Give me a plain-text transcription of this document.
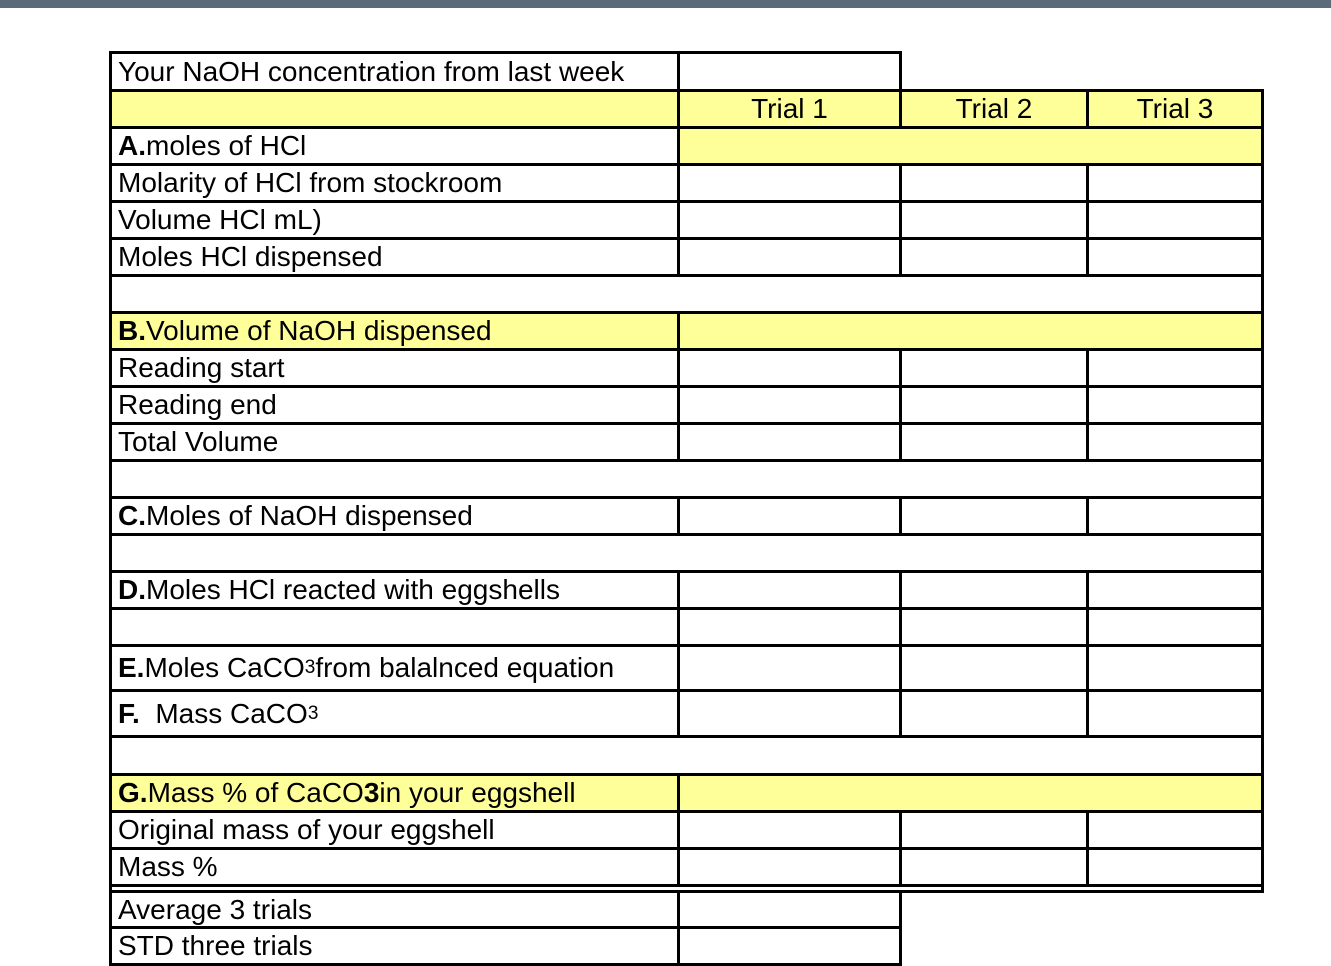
Your NaOH concentration from last week
Trial 1	Trial 2	Trial 3
A. moles of HCl
Molarity of HCl from stockroom
Volume HCl mL)
Moles HCl dispensed
B. Volume of NaOH dispensed
Reading start
Reading end
Total Volume
C. Moles of NaOH dispensed
D. Moles HCl reacted with eggshells
E. Moles CaCO 3 from balalnced equation
F. Mass CaCO 3
G. Mass % of CaCO 3 in your eggshell
Original mass of your eggshell
Mass %
Average 3 trials
STD three trials
